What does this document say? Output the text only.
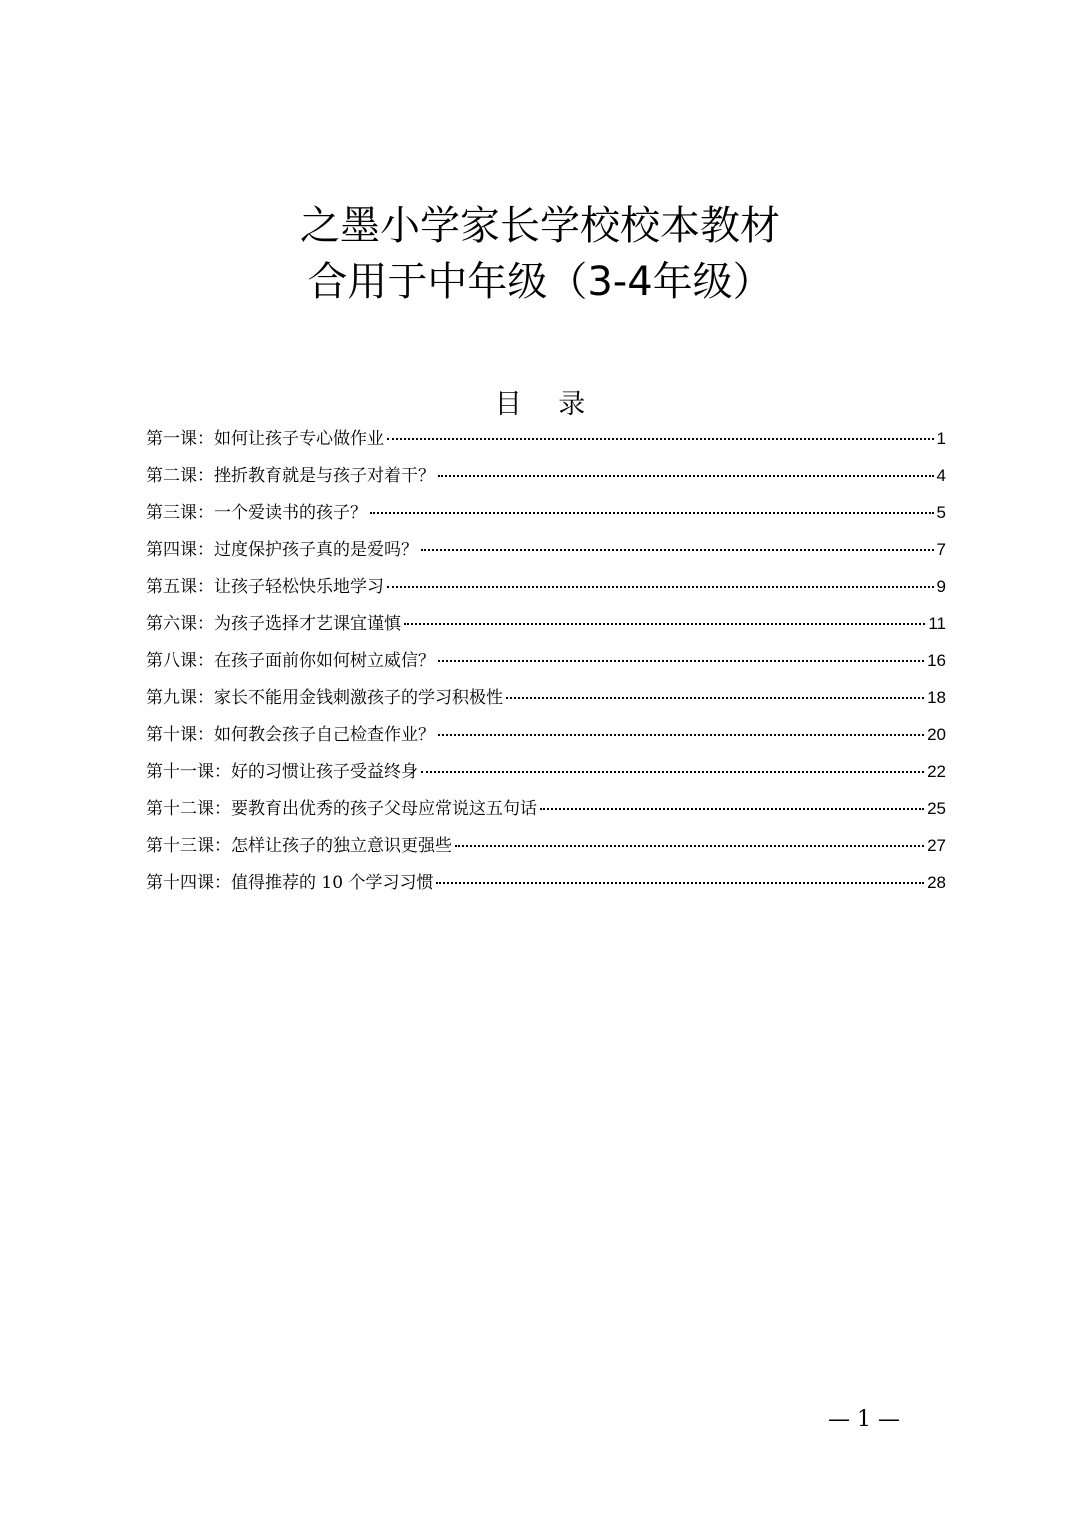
之墨小学家长学校校本教材
合用于中年级（3-4年级）
目 录
第一课：如何让孩子专心做作业	1
第二课：挫折教育就是与孩子对着干？	4
第三课：一个爱读书的孩子？	5
第四课：过度保护孩子真的是爱吗？	7
第五课：让孩子轻松快乐地学习	9
第六课：为孩子选择才艺课宜谨慎	11
第八课：在孩子面前你如何树立威信？	16
第九课：家长不能用金钱刺激孩子的学习积极性	18
第十课：如何教会孩子自己检查作业？	20
第十一课：好的习惯让孩子受益终身	22
第十二课：要教育出优秀的孩子父母应常说这五句话	25
第十三课：怎样让孩子的独立意识更强些	27
第十四课：值得推荐的 10 个学习习惯	28
— 1 —
